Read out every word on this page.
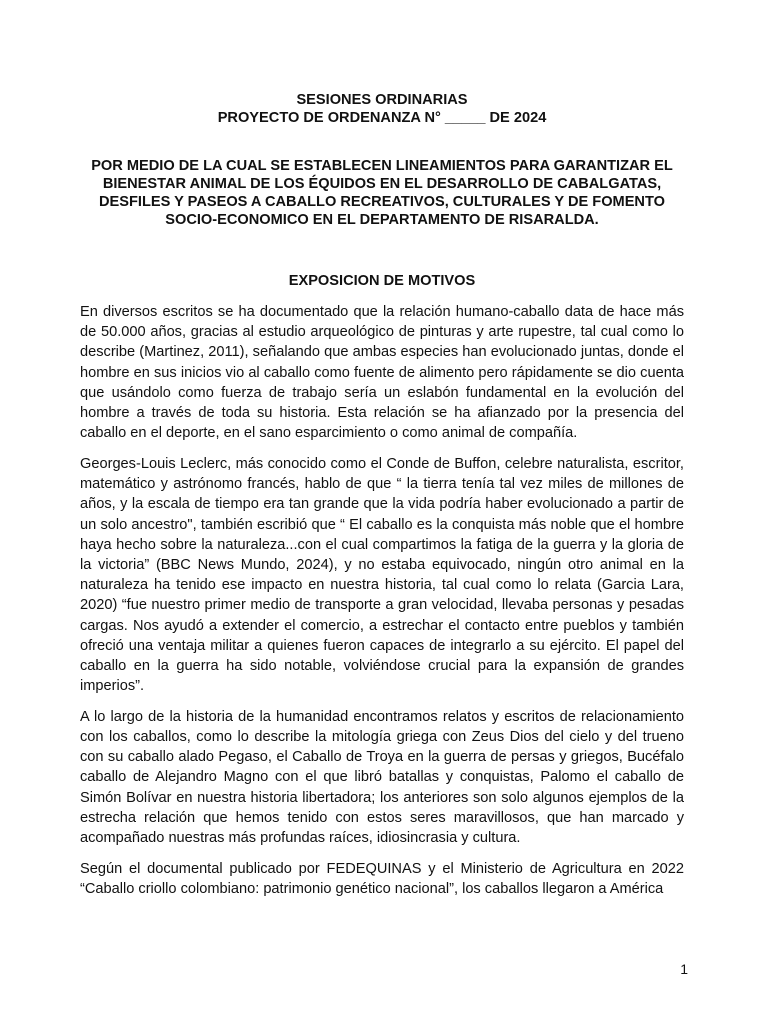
SESIONES ORDINARIAS
PROYECTO DE ORDENANZA N° _____ DE 2024
POR MEDIO DE LA CUAL SE ESTABLECEN LINEAMIENTOS PARA GARANTIZAR EL BIENESTAR ANIMAL DE LOS ÉQUIDOS EN EL DESARROLLO DE CABALGATAS, DESFILES Y PASEOS A CABALLO RECREATIVOS, CULTURALES Y DE FOMENTO SOCIO-ECONOMICO EN EL DEPARTAMENTO DE RISARALDA.
EXPOSICION DE MOTIVOS

En diversos escritos se ha documentado que la relación humano-caballo data de hace más de 50.000 años, gracias al estudio arqueológico de pinturas y arte rupestre, tal cual como lo describe (Martinez, 2011), señalando que ambas especies han evolucionado juntas, donde el hombre en sus inicios vio al caballo como fuente de alimento pero rápidamente se dio cuenta que usándolo como fuerza de trabajo sería un eslabón fundamental en la evolución del hombre a través de toda su historia. Esta relación se ha afianzado por la presencia del caballo en el deporte, en el sano esparcimiento o como animal de compañía.

Georges-Louis Leclerc, más conocido como el Conde de Buffon, celebre naturalista, escritor, matemático y astrónomo francés, hablo de que “ la tierra tenía tal vez miles de millones de años, y la escala de tiempo era tan grande que la vida podría haber evolucionado a partir de un solo ancestro", también escribió que “ El caballo es la conquista más noble que el hombre haya hecho sobre la naturaleza...con el cual compartimos la fatiga de la guerra y la gloria de la victoria” (BBC News Mundo, 2024), y no estaba equivocado, ningún otro animal en la naturaleza ha tenido ese impacto en nuestra historia, tal cual como lo relata (Garcia Lara, 2020) “fue nuestro primer medio de transporte a gran velocidad, llevaba personas y pesadas cargas. Nos ayudó a extender el comercio, a estrechar el contacto entre pueblos y también ofreció una ventaja militar a quienes fueron capaces de integrarlo a su ejército. El papel del caballo en la guerra ha sido notable, volviéndose crucial para la expansión de grandes imperios”.

A lo largo de la historia de la humanidad encontramos relatos y escritos de relacionamiento con los caballos, como lo describe la mitología griega con Zeus Dios del cielo y del trueno con su caballo alado Pegaso, el Caballo de Troya en la guerra de persas y griegos, Bucéfalo caballo de Alejandro Magno con el que libró batallas y conquistas, Palomo el caballo de Simón Bolívar en nuestra historia libertadora; los anteriores son solo algunos ejemplos de la estrecha relación que hemos tenido con estos seres maravillosos, que han marcado y acompañado nuestras más profundas raíces, idiosincrasia y cultura.

Según el documental publicado por FEDEQUINAS y el Ministerio de Agricultura en 2022 “Caballo criollo colombiano: patrimonio genético nacional”, los caballos llegaron a América

1
